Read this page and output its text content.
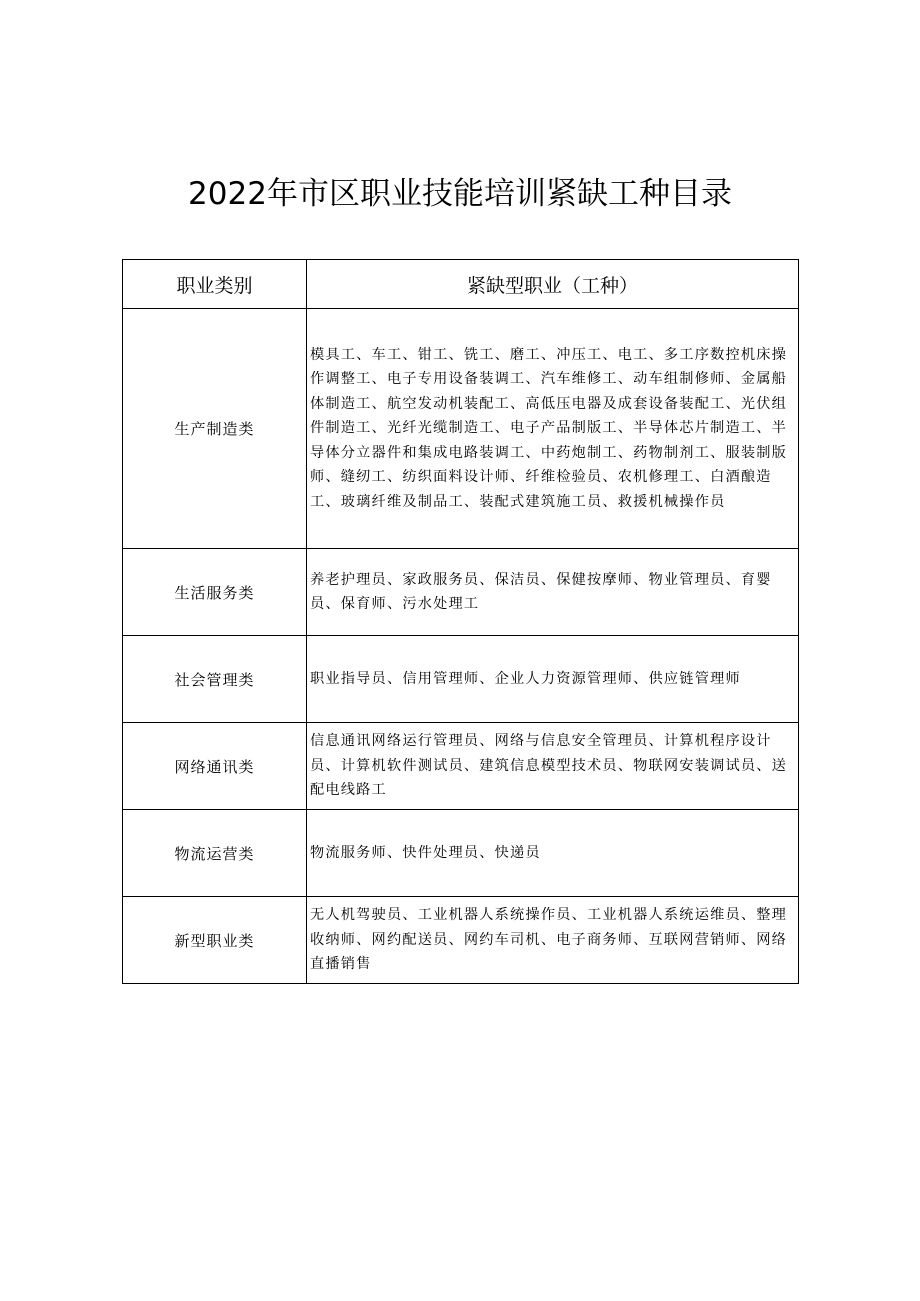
2022年市区职业技能培训紧缺工种目录
职业类别	紧缺型职业（工种）
生产制造类	模具工、车工、钳工、铣工、磨工、冲压工、电工、多工序数控机床操作调整工、电子专用设备装调工、汽车维修工、动车组制修师、金属船体制造工、航空发动机装配工、高低压电器及成套设备装配工、光伏组件制造工、光纤光缆制造工、电子产品制版工、半导体芯片制造工、半导体分立器件和集成电路装调工、中药炮制工、药物制剂工、服装制版师、缝纫工、纺织面料设计师、纤维检验员、农机修理工、白酒酿造工、玻璃纤维及制品工、装配式建筑施工员、救援机械操作员
生活服务类	养老护理员、家政服务员、保洁员、保健按摩师、物业管理员、育婴员、保育师、污水处理工
社会管理类	职业指导员、信用管理师、企业人力资源管理师、供应链管理师
网络通讯类	信息通讯网络运行管理员、网络与信息安全管理员、计算机程序设计员、计算机软件测试员、建筑信息模型技术员、物联网安装调试员、送配电线路工
物流运营类	物流服务师、快件处理员、快递员
新型职业类	无人机驾驶员、工业机器人系统操作员、工业机器人系统运维员、整理收纳师、网约配送员、网约车司机、电子商务师、互联网营销师、网络直播销售
